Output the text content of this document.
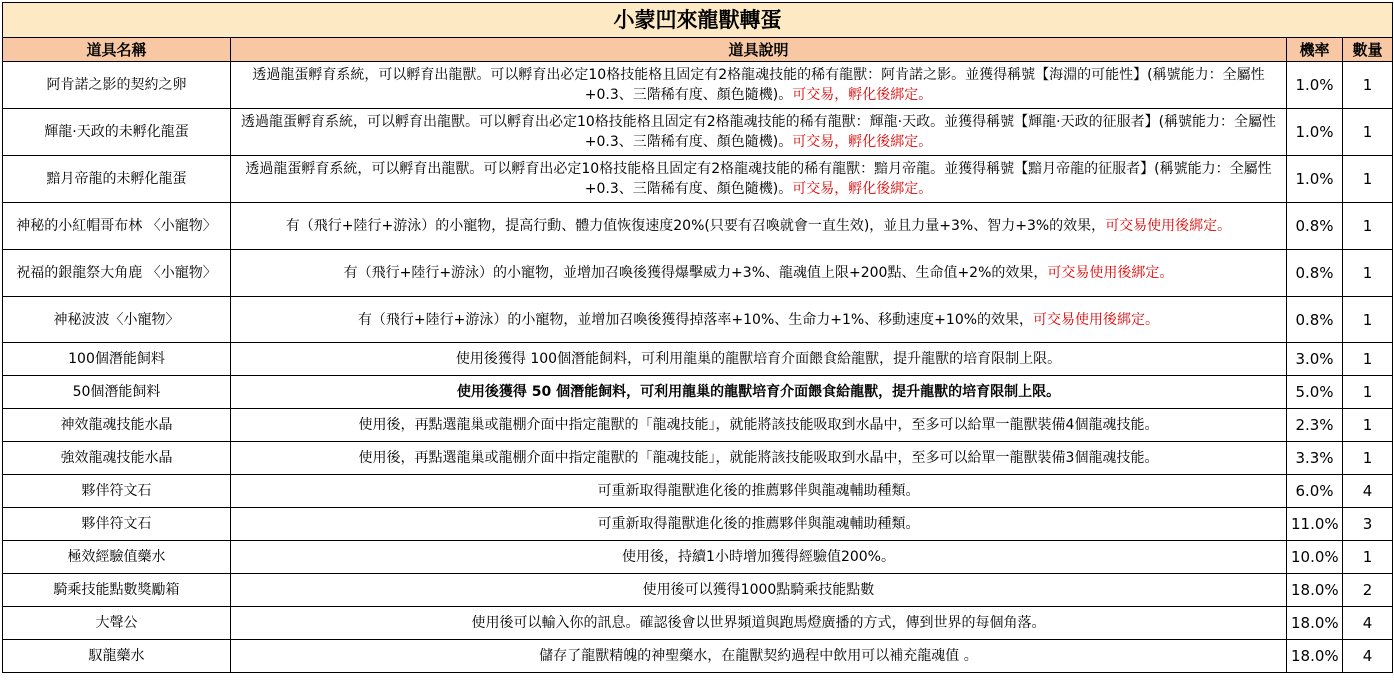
小蒙凹來龍獸轉蛋			
道具名稱	道具說明	機率	數量
阿肯諾之影的契約之卵	透過龍蛋孵育系統，可以孵育出龍獸。可以孵育出必定10格技能格且固定有2格龍魂技能的稀有龍獸：阿肯諾之影。並獲得稱號【海淵的可能性】(稱號能力：全屬性+0.3、三階稀有度、顏色隨機)。可交易，孵化後綁定。	1.0%	1
輝龍·天政的未孵化龍蛋	透過龍蛋孵育系統，可以孵育出龍獸。可以孵育出必定10格技能格且固定有2格龍魂技能的稀有龍獸：輝龍·天政。並獲得稱號【輝龍·天政的征服者】(稱號能力：全屬性+0.3、三階稀有度、顏色隨機)。可交易，孵化後綁定。	1.0%	1
黯月帝龍的未孵化龍蛋	透過龍蛋孵育系統，可以孵育出龍獸。可以孵育出必定10格技能格且固定有2格龍魂技能的稀有龍獸：黯月帝龍。並獲得稱號【黯月帝龍的征服者】(稱號能力：全屬性+0.3、三階稀有度、顏色隨機)。可交易，孵化後綁定。	1.0%	1
神秘的小紅帽哥布林 〈小寵物〉	有（飛行+陸行+游泳）的小寵物，提高行動、體力值恢復速度20%(只要有召喚就會一直生效)，並且力量+3%、智力+3%的效果，可交易使用後綁定。	0.8%	1
祝福的銀龍祭大角鹿 〈小寵物〉	有（飛行+陸行+游泳）的小寵物，並增加召喚後獲得爆擊威力+3%、龍魂值上限+200點、生命值+2%的效果，可交易使用後綁定。	0.8%	1
神秘波波〈小寵物〉	有（飛行+陸行+游泳）的小寵物，並增加召喚後獲得掉落率+10%、生命力+1%、移動速度+10%的效果，可交易使用後綁定。	0.8%	1
100個潛能飼料	使用後獲得 100個潛能飼料，可利用龍巢的龍獸培育介面餵食給龍獸，提升龍獸的培育限制上限。	3.0%	1
50個潛能飼料	使用後獲得 50 個潛能飼料，可利用龍巢的龍獸培育介面餵食給龍獸，提升龍獸的培育限制上限。	5.0%	1
神效龍魂技能水晶	使用後，再點選龍巢或龍棚介面中指定龍獸的「龍魂技能」，就能將該技能吸取到水晶中，至多可以給單一龍獸裝備4個龍魂技能。	2.3%	1
強效龍魂技能水晶	使用後，再點選龍巢或龍棚介面中指定龍獸的「龍魂技能」，就能將該技能吸取到水晶中，至多可以給單一龍獸裝備3個龍魂技能。	3.3%	1
夥伴符文石	可重新取得龍獸進化後的推薦夥伴與龍魂輔助種類。	6.0%	4
夥伴符文石	可重新取得龍獸進化後的推薦夥伴與龍魂輔助種類。	11.0%	3
極效經驗值藥水	使用後，持續1小時增加獲得經驗值200%。	10.0%	1
騎乘技能點數獎勵箱	使用後可以獲得1000點騎乘技能點數	18.0%	2
大聲公	使用後可以輸入你的訊息。確認後會以世界頻道與跑馬燈廣播的方式，傳到世界的每個角落。	18.0%	4
馭龍藥水	儲存了龍獸精魄的神聖藥水，在龍獸契約過程中飲用可以補充龍魂值 。	18.0%	4
